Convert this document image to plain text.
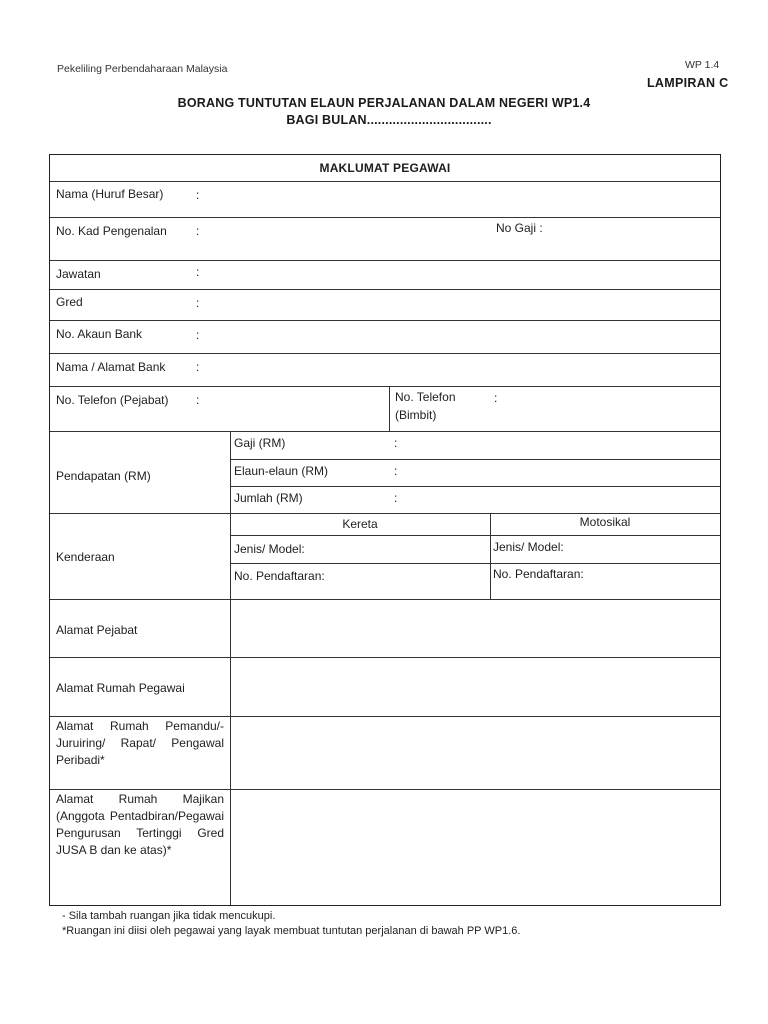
Pekeliling Perbendaharaan Malaysia	WP 1.4
LAMPIRAN C
BORANG TUNTUTAN ELAUN PERJALANAN DALAM NEGERI WP1.4
BAGI BULAN..................................
MAKLUMAT PEGAWAI
Nama (Huruf Besar)	:
No. Kad Pengenalan :	No Gaji :
Jawatan	:
Gred	:
No. Akaun Bank	:
Nama / Alamat Bank	:
No. Telefon (Pejabat) :	No. Telefon
(Bimbit)
:
Pendapatan (RM)
Gaji (RM)	:
Elaun-elaun (RM)	:
Jumlah (RM)	:
Kenderaan
Kereta	Motosikal
Jenis/ Model:	Jenis/ Model:
No. Pendaftaran:	No. Pendaftaran:
Alamat Pejabat
Alamat Rumah Pegawai
Alamat Rumah Pemandu/-Juruiring/ Rapat/ Pengawal Peribadi*
Alamat Rumah Majikan (Anggota Pentadbiran/Pegawai Pengurusan Tertinggi Gred JUSA B dan ke atas)*
- Sila tambah ruangan jika tidak mencukupi.
*Ruangan ini diisi oleh pegawai yang layak membuat tuntutan perjalanan di bawah PP WP1.6.
